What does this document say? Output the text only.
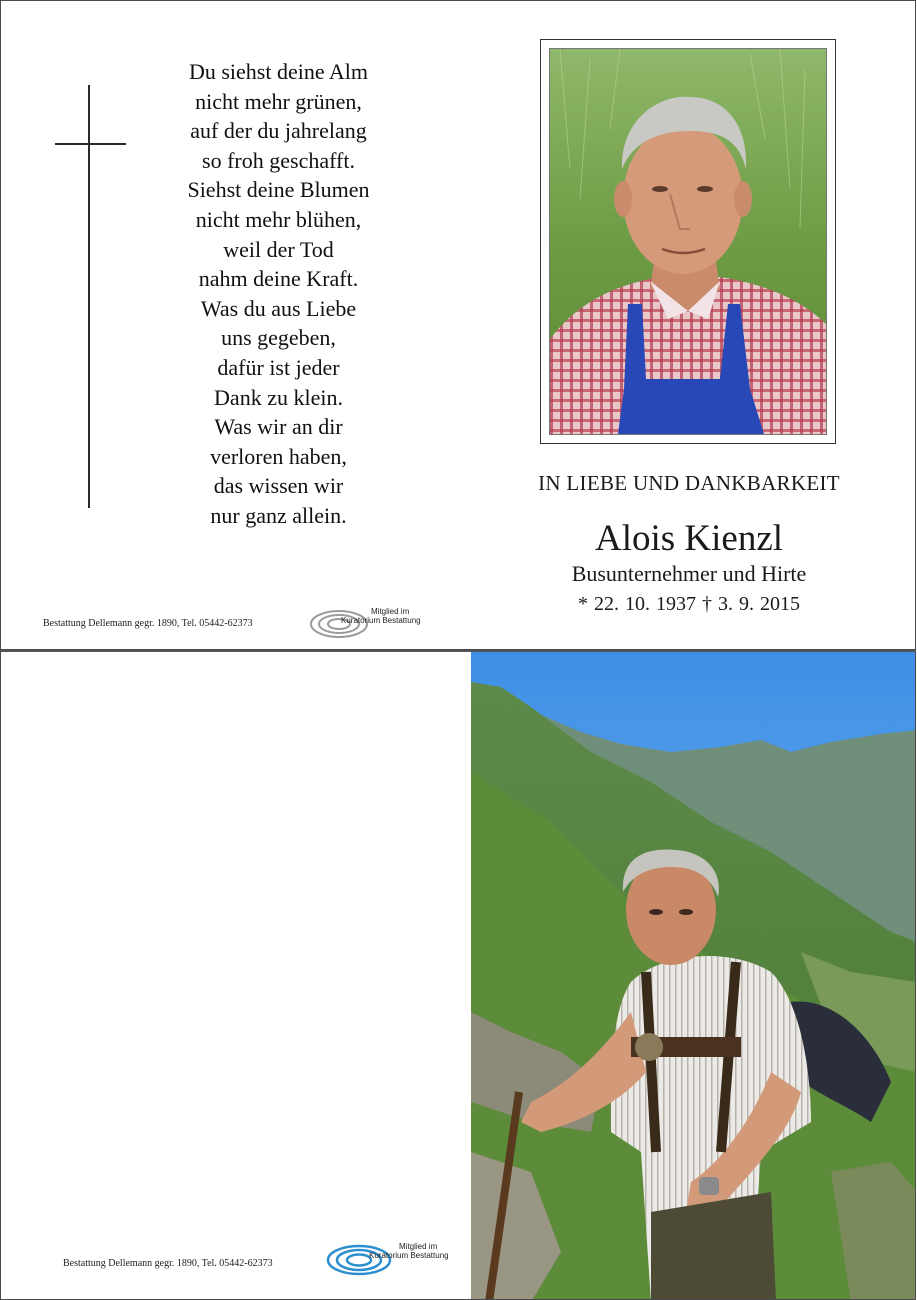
Du siehst deine Alm
nicht mehr grünen,
auf der du jahrelang
so froh geschafft.
Siehst deine Blumen
nicht mehr blühen,
weil der Tod
nahm deine Kraft.
Was du aus Liebe
uns gegeben,
dafür ist jeder
Dank zu klein.
Was wir an dir
verloren haben,
das wissen wir
nur ganz allein.
IN LIEBE UND DANKBARKEIT
Alois Kienzl
Busunternehmer und Hirte
* 22. 10. 1937 † 3. 9. 2015
Bestattung Dellemann gegr. 1890, Tel. 05442-62373
Mitglied im
Kuratorium Bestattung
Bestattung Dellemann gegr. 1890, Tel. 05442-62373
Mitglied im
Kuratorium Bestattung
